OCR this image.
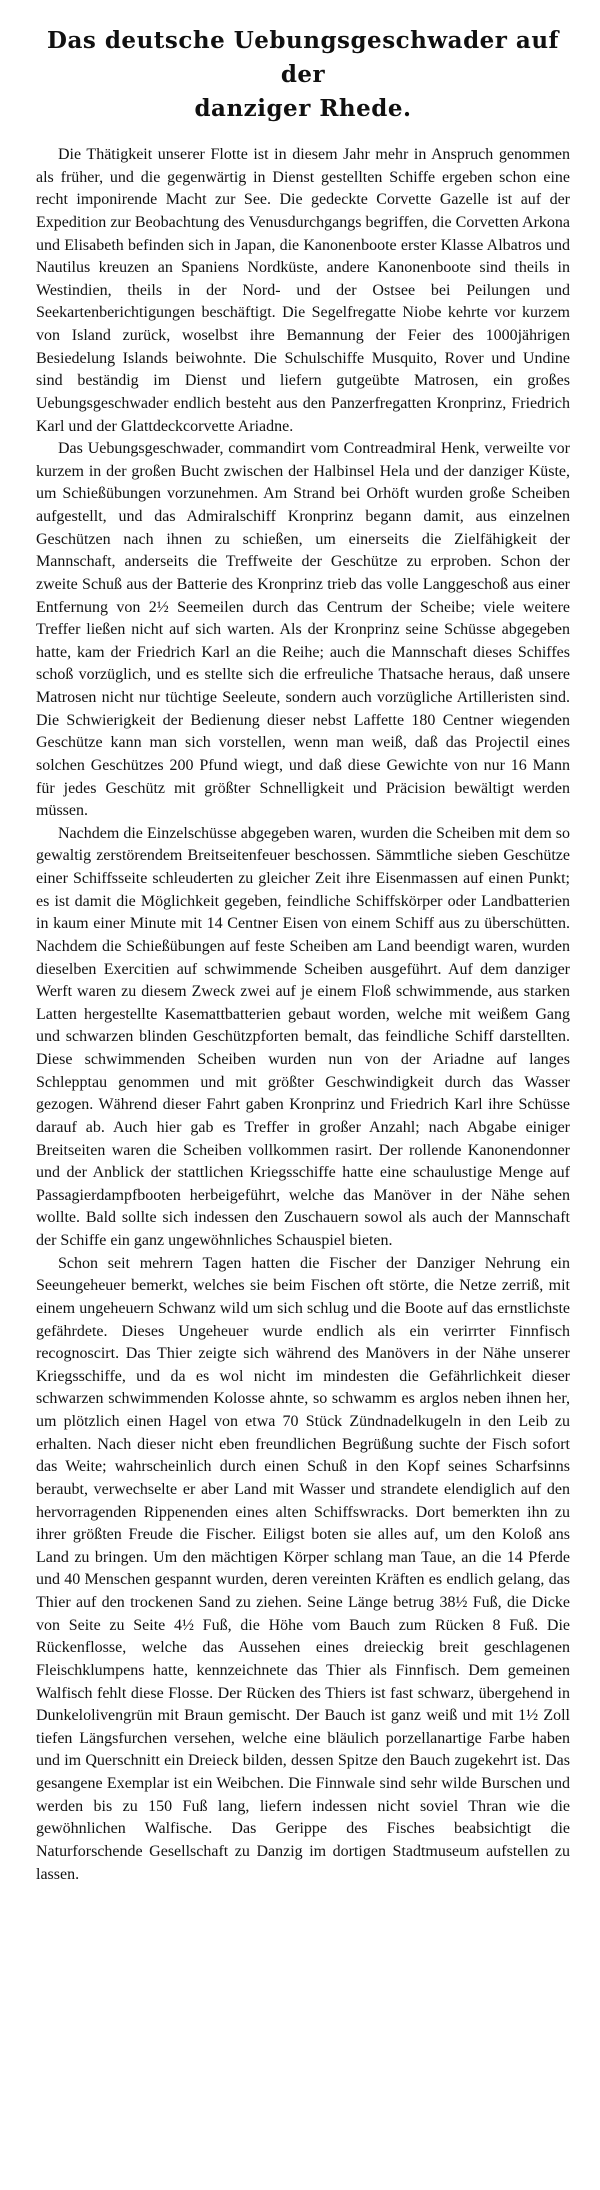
Das deutsche Uebungsgeschwader auf der
danziger Rhede.

Die Thätigkeit unserer Flotte ist in diesem Jahr mehr in Anspruch genommen als früher, und die gegenwärtig in Dienst gestellten Schiffe ergeben schon eine recht imponirende Macht zur See. Die gedeckte Corvette Gazelle ist auf der Expedition zur Beobachtung des Venusdurchgangs begriffen, die Corvetten Arkona und Elisabeth befinden sich in Japan, die Kanonenboote erster Klasse Albatros und Nautilus kreuzen an Spaniens Nordküste, andere Kanonenboote sind theils in Westindien, theils in der Nord- und der Ostsee bei Peilungen und Seekartenberichtigungen beschäftigt. Die Segelfregatte Niobe kehrte vor kurzem von Island zurück, woselbst ihre Bemannung der Feier des 1000jährigen Besiedelung Islands beiwohnte. Die Schulschiffe Musquito, Rover und Undine sind beständig im Dienst und liefern gutgeübte Matrosen, ein großes Uebungsgeschwader endlich besteht aus den Panzerfregatten Kronprinz, Friedrich Karl und der Glattdeckcorvette Ariadne.

Das Uebungsgeschwader, commandirt vom Contreadmiral Henk, verweilte vor kurzem in der großen Bucht zwischen der Halbinsel Hela und der danziger Küste, um Schießübungen vorzunehmen. Am Strand bei Orhöft wurden große Scheiben aufgestellt, und das Admiralschiff Kronprinz begann damit, aus einzelnen Geschützen nach ihnen zu schießen, um einerseits die Zielfähigkeit der Mannschaft, anderseits die Treffweite der Geschütze zu erproben. Schon der zweite Schuß aus der Batterie des Kronprinz trieb das volle Langgeschoß aus einer Entfernung von 2½ Seemeilen durch das Centrum der Scheibe; viele weitere Treffer ließen nicht auf sich warten. Als der Kronprinz seine Schüsse abgegeben hatte, kam der Friedrich Karl an die Reihe; auch die Mannschaft dieses Schiffes schoß vorzüglich, und es stellte sich die erfreuliche Thatsache heraus, daß unsere Matrosen nicht nur tüchtige Seeleute, sondern auch vorzügliche Artilleristen sind. Die Schwierigkeit der Bedienung dieser nebst Laffette 180 Centner wiegenden Geschütze kann man sich vorstellen, wenn man weiß, daß das Projectil eines solchen Geschützes 200 Pfund wiegt, und daß diese Gewichte von nur 16 Mann für jedes Geschütz mit größter Schnelligkeit und Präcision bewältigt werden müssen.

Nachdem die Einzelschüsse abgegeben waren, wurden die Scheiben mit dem so gewaltig zerstörendem Breitseitenfeuer beschossen. Sämmtliche sieben Geschütze einer Schiffsseite schleuderten zu gleicher Zeit ihre Eisenmassen auf einen Punkt; es ist damit die Möglichkeit gegeben, feindliche Schiffskörper oder Landbatterien in kaum einer Minute mit 14 Centner Eisen von einem Schiff aus zu überschütten. Nachdem die Schießübungen auf feste Scheiben am Land beendigt waren, wurden dieselben Exercitien auf schwimmende Scheiben ausgeführt. Auf dem danziger Werft waren zu diesem Zweck zwei auf je einem Floß schwimmende, aus starken Latten hergestellte Kasemattbatterien gebaut worden, welche mit weißem Gang und schwarzen blinden Geschützpforten bemalt, das feindliche Schiff darstellten. Diese schwimmenden Scheiben wurden nun von der Ariadne auf langes Schlepptau genommen und mit größter Geschwindigkeit durch das Wasser gezogen. Während dieser Fahrt gaben Kronprinz und Friedrich Karl ihre Schüsse darauf ab. Auch hier gab es Treffer in großer Anzahl; nach Abgabe einiger Breitseiten waren die Scheiben vollkommen rasirt. Der rollende Kanonendonner und der Anblick der stattlichen Kriegsschiffe hatte eine schaulustige Menge auf Passagierdampfbooten herbeigeführt, welche das Manöver in der Nähe sehen wollte. Bald sollte sich indessen den Zuschauern sowol als auch der Mannschaft der Schiffe ein ganz ungewöhnliches Schauspiel bieten.

Schon seit mehrern Tagen hatten die Fischer der Danziger Nehrung ein Seeungeheuer bemerkt, welches sie beim Fischen oft störte, die Netze zerriß, mit einem ungeheuern Schwanz wild um sich schlug und die Boote auf das ernstlichste gefährdete. Dieses Ungeheuer wurde endlich als ein verirrter Finnfisch recognoscirt. Das Thier zeigte sich während des Manövers in der Nähe unserer Kriegsschiffe, und da es wol nicht im mindesten die Gefährlichkeit dieser schwarzen schwimmenden Kolosse ahnte, so schwamm es arglos neben ihnen her, um plötzlich einen Hagel von etwa 70 Stück Zündnadelkugeln in den Leib zu erhalten. Nach dieser nicht eben freundlichen Begrüßung suchte der Fisch sofort das Weite; wahrscheinlich durch einen Schuß in den Kopf seines Scharfsinns beraubt, verwechselte er aber Land mit Wasser und strandete elendiglich auf den hervorragenden Rippenenden eines alten Schiffswracks. Dort bemerkten ihn zu ihrer größten Freude die Fischer. Eiligst boten sie alles auf, um den Koloß ans Land zu bringen. Um den mächtigen Körper schlang man Taue, an die 14 Pferde und 40 Menschen gespannt wurden, deren vereinten Kräften es endlich gelang, das Thier auf den trockenen Sand zu ziehen. Seine Länge betrug 38½ Fuß, die Dicke von Seite zu Seite 4½ Fuß, die Höhe vom Bauch zum Rücken 8 Fuß. Die Rückenflosse, welche das Aussehen eines dreieckig breit geschlagenen Fleischklumpens hatte, kennzeichnete das Thier als Finnfisch. Dem gemeinen Walfisch fehlt diese Flosse. Der Rücken des Thiers ist fast schwarz, übergehend in Dunkelolivengrün mit Braun gemischt. Der Bauch ist ganz weiß und mit 1½ Zoll tiefen Längsfurchen versehen, welche eine bläulich porzellanartige Farbe haben und im Querschnitt ein Dreieck bilden, dessen Spitze den Bauch zugekehrt ist. Das gesangene Exemplar ist ein Weibchen. Die Finnwale sind sehr wilde Burschen und werden bis zu 150 Fuß lang, liefern indessen nicht soviel Thran wie die gewöhnlichen Walfische. Das Gerippe des Fisches beabsichtigt die Naturforschende Gesellschaft zu Danzig im dortigen Stadtmuseum aufstellen zu lassen.
